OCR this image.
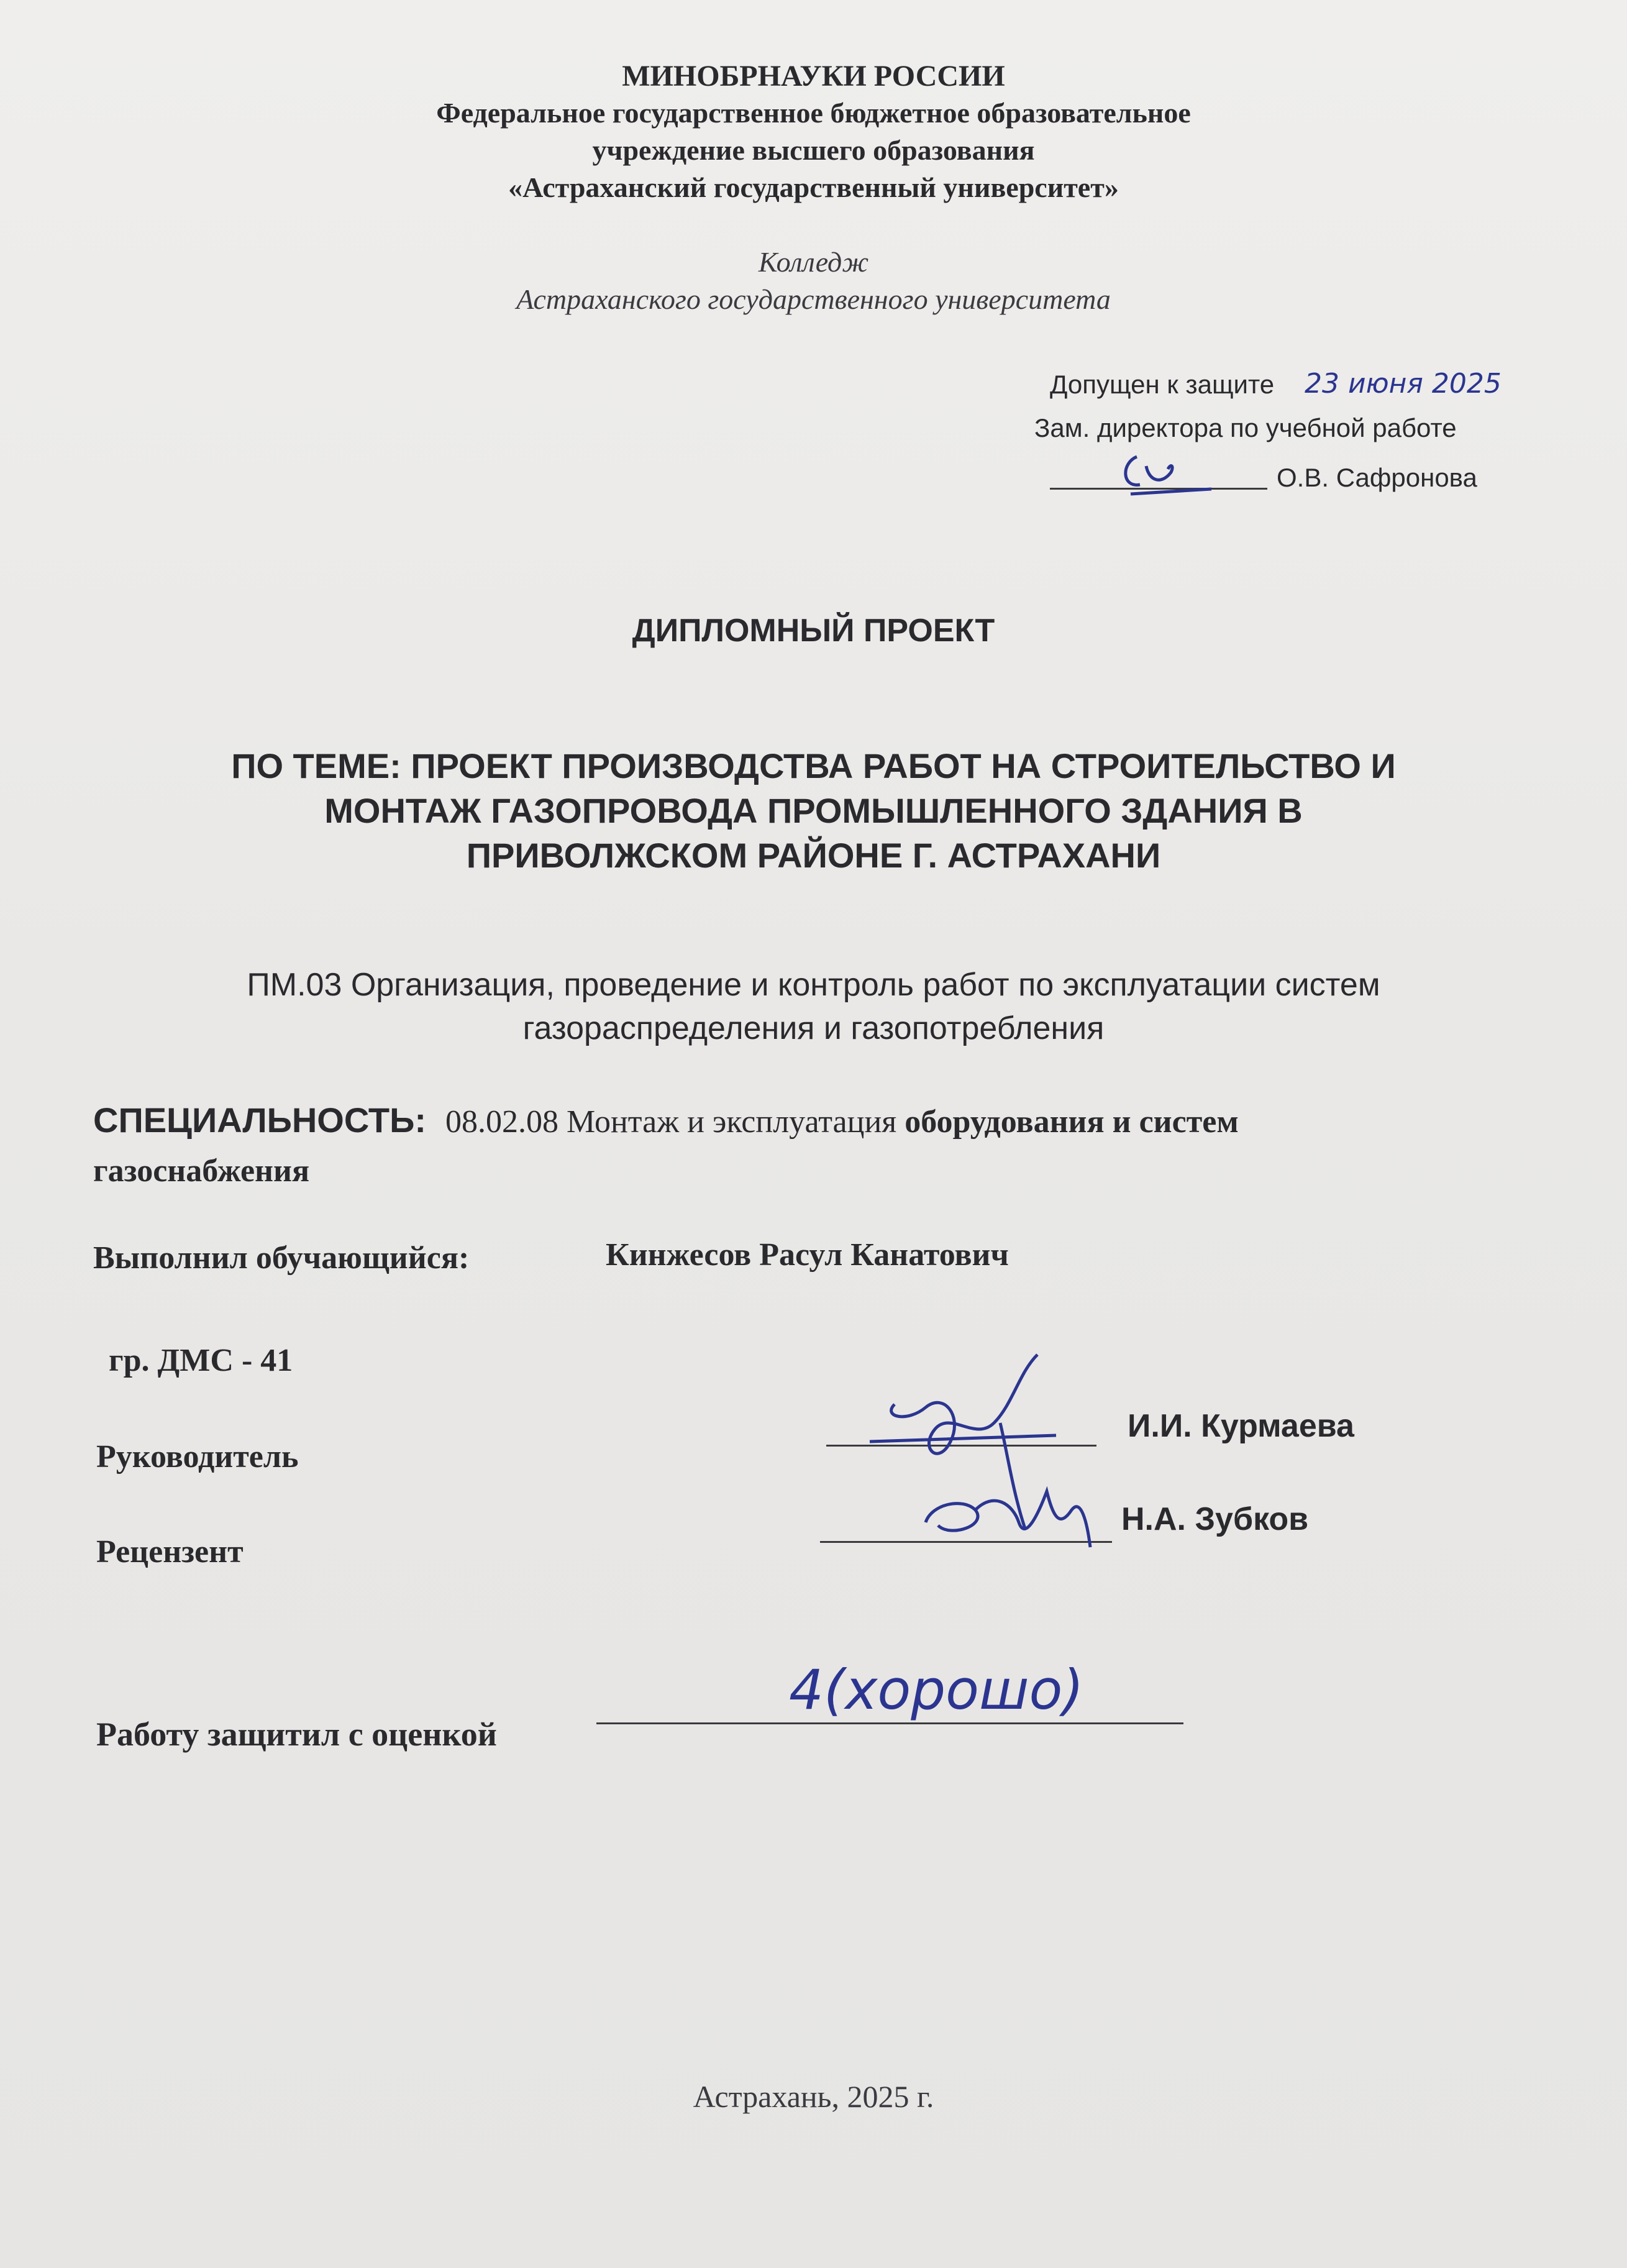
МИНОБРНАУКИ РОССИИ
Федеральное государственное бюджетное образовательное
учреждение высшего образования
«Астраханский государственный университет»
Колледж
Астраханского государственного университета
Допущен к защите 23 июня 2025
Зам. директора по учебной работе
О.В. Сафронова
ДИПЛОМНЫЙ ПРОЕКТ
ПО ТЕМЕ: ПРОЕКТ ПРОИЗВОДСТВА РАБОТ НА СТРОИТЕЛЬСТВО И
МОНТАЖ ГАЗОПРОВОДА ПРОМЫШЛЕННОГО ЗДАНИЯ В
ПРИВОЛЖСКОМ РАЙОНЕ Г. АСТРАХАНИ
ПМ.03 Организация, проведение и контроль работ по эксплуатации систем
газораспределения и газопотребления
СПЕЦИАЛЬНОСТЬ: 08.02.08 Монтаж и эксплуатация оборудования и систем
газоснабжения
Выполнил обучающийся:	Кинжесов Расул Канатович
гр. ДМС - 41
Руководитель
И.И. Курмаева
Рецензент
Н.А. Зубков
Работу защитил с оценкой
4(хорошо)
Астрахань, 2025 г.
